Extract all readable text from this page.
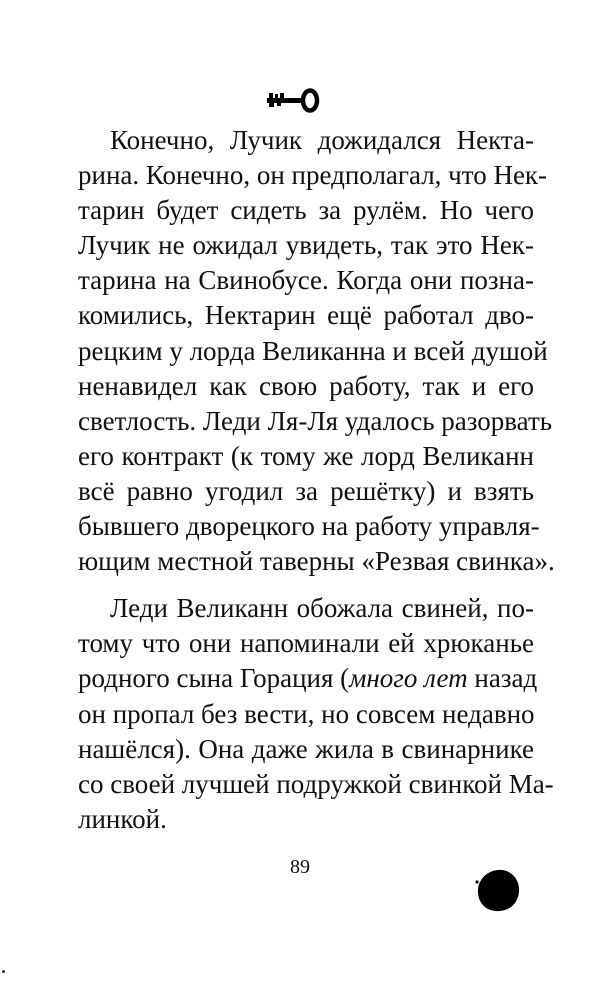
Конечно, Лучик дожидался Некта-
рина. Конечно, он предполагал, что Нек-
тарин будет сидеть за рулём. Но чего
Лучик не ожидал увидеть, так это Нек-
тарина на Свинобусе. Когда они позна-
комились, Нектарин ещё работал дво-
рецким у лорда Великанна и всей душой
ненавидел как свою работу, так и его
светлость. Леди Ля-Ля удалось разорвать
его контракт (к тому же лорд Великанн
всё равно угодил за решётку) и взять
бывшего дворецкого на работу управля-
ющим местной таверны «Резвая свинка».
Леди Великанн обожала свиней, по-
тому что они напоминали ей хрюканье
родного сына Горация (много лет назад
он пропал без вести, но совсем недавно
нашёлся). Она даже жила в свинарнике
со своей лучшей подружкой свинкой Ма-
линкой.
89
